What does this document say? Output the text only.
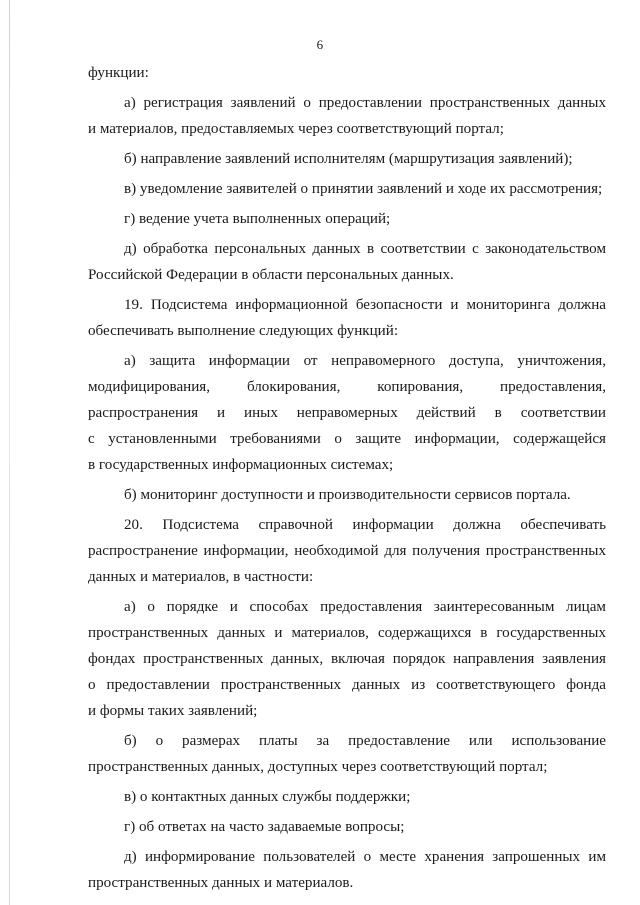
6
функции:
а) регистрация заявлений о предоставлении пространственных данных
и материалов, предоставляемых через соответствующий портал;
б) направление заявлений исполнителям (маршрутизация заявлений);
в) уведомление заявителей о принятии заявлений и ходе их рассмотрения;
г) ведение учета выполненных операций;
д) обработка персональных данных в соответствии с законодательством
Российской Федерации в области персональных данных.
19. Подсистема информационной безопасности и мониторинга должна
обеспечивать выполнение следующих функций:
а) защита информации от неправомерного доступа, уничтожения,
модифицирования, блокирования, копирования, предоставления,
распространения и иных неправомерных действий в соответствии
с установленными требованиями о защите информации, содержащейся
в государственных информационных системах;
б) мониторинг доступности и производительности сервисов портала.
20. Подсистема справочной информации должна обеспечивать
распространение информации, необходимой для получения пространственных
данных и материалов, в частности:
а) о порядке и способах предоставления заинтересованным лицам
пространственных данных и материалов, содержащихся в государственных
фондах пространственных данных, включая порядок направления заявления
о предоставлении пространственных данных из соответствующего фонда
и формы таких заявлений;
б) о размерах платы за предоставление или использование
пространственных данных, доступных через соответствующий портал;
в) о контактных данных службы поддержки;
г) об ответах на часто задаваемые вопросы;
д) информирование пользователей о месте хранения запрошенных им
пространственных данных и материалов.
